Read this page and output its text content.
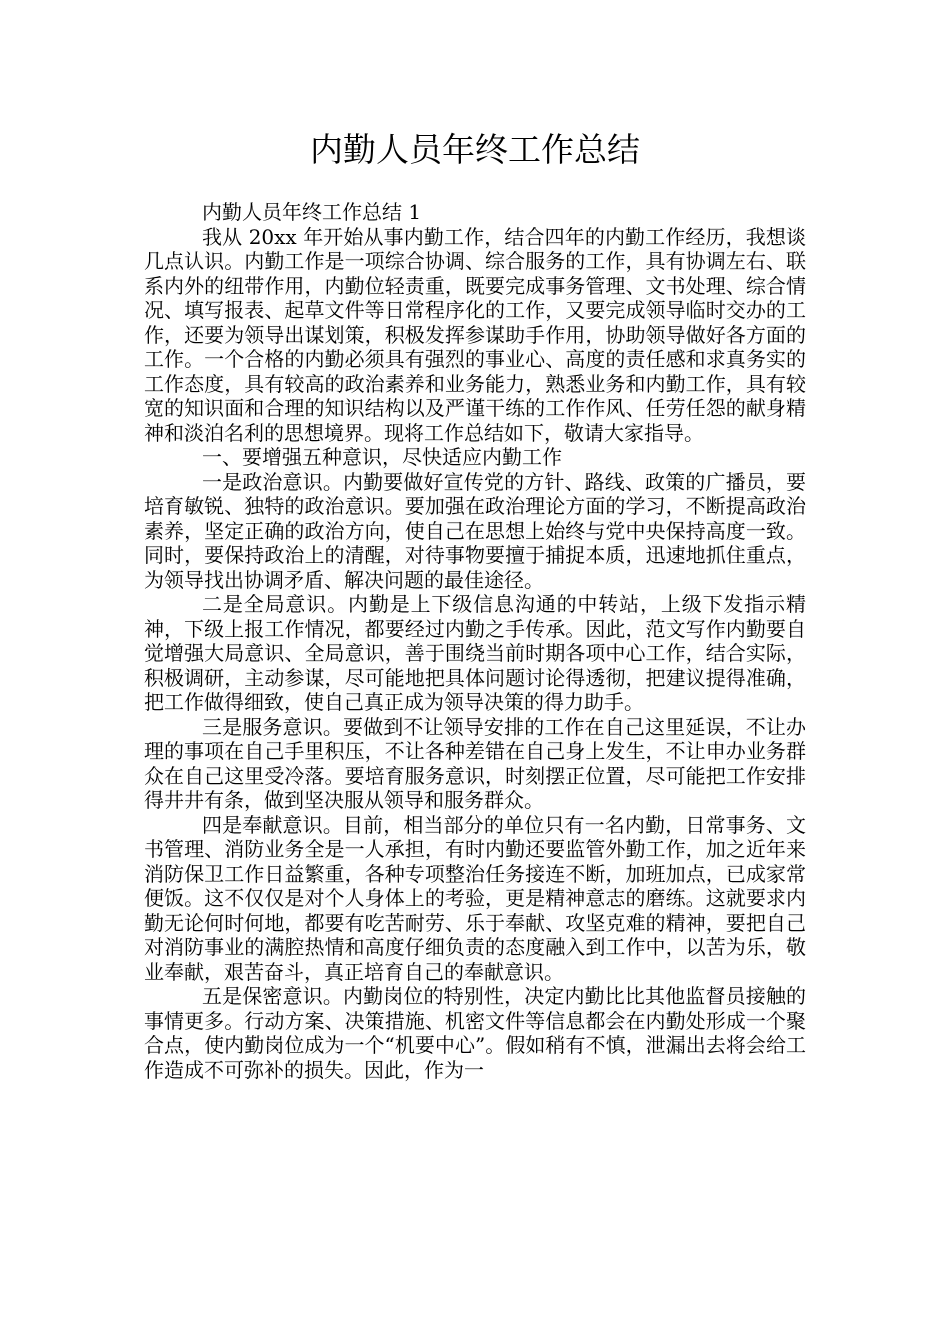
内勤人员年终工作总结

内勤人员年终工作总结 1

我从 20xx 年开始从事内勤工作，结合四年的内勤工作经历，我想谈几点认识。内勤工作是一项综合协调、综合服务的工作，具有协调左右、联系内外的纽带作用，内勤位轻责重，既要完成事务管理、文书处理、综合情况、填写报表、起草文件等日常程序化的工作，又要完成领导临时交办的工作，还要为领导出谋划策，积极发挥参谋助手作用，协助领导做好各方面的工作。一个合格的内勤必须具有强烈的事业心、高度的责任感和求真务实的工作态度，具有较高的政治素养和业务能力，熟悉业务和内勤工作，具有较宽的知识面和合理的知识结构以及严谨干练的工作作风、任劳任怨的献身精神和淡泊名利的思想境界。现将工作总结如下，敬请大家指导。

一、要增强五种意识，尽快适应内勤工作

一是政治意识。内勤要做好宣传党的方针、路线、政策的广播员，要培育敏锐、独特的政治意识。要加强在政治理论方面的学习，不断提高政治素养，坚定正确的政治方向，使自己在思想上始终与党中央保持高度一致。同时，要保持政治上的清醒，对待事物要擅于捕捉本质，迅速地抓住重点，为领导找出协调矛盾、解决问题的最佳途径。

二是全局意识。内勤是上下级信息沟通的中转站，上级下发指示精神，下级上报工作情况，都要经过内勤之手传承。因此，范文写作内勤要自觉增强大局意识、全局意识，善于围绕当前时期各项中心工作，结合实际，积极调研，主动参谋，尽可能地把具体问题讨论得透彻，把建议提得准确，把工作做得细致，使自己真正成为领导决策的得力助手。

三是服务意识。要做到不让领导安排的工作在自己这里延误，不让办理的事项在自己手里积压，不让各种差错在自己身上发生，不让申办业务群众在自己这里受冷落。要培育服务意识，时刻摆正位置，尽可能把工作安排得井井有条，做到坚决服从领导和服务群众。

四是奉献意识。目前，相当部分的单位只有一名内勤，日常事务、文书管理、消防业务全是一人承担，有时内勤还要监管外勤工作，加之近年来消防保卫工作日益繁重，各种专项整治任务接连不断，加班加点，已成家常便饭。这不仅仅是对个人身体上的考验，更是精神意志的磨练。这就要求内勤无论何时何地，都要有吃苦耐劳、乐于奉献、攻坚克难的精神，要把自己对消防事业的满腔热情和高度仔细负责的态度融入到工作中，以苦为乐，敬业奉献，艰苦奋斗，真正培育自己的奉献意识。

五是保密意识。内勤岗位的特别性，决定内勤比比其他监督员接触的事情更多。行动方案、决策措施、机密文件等信息都会在内勤处形成一个聚合点，使内勤岗位成为一个“机要中心”。假如稍有不慎，泄漏出去将会给工作造成不可弥补的损失。因此，作为一
